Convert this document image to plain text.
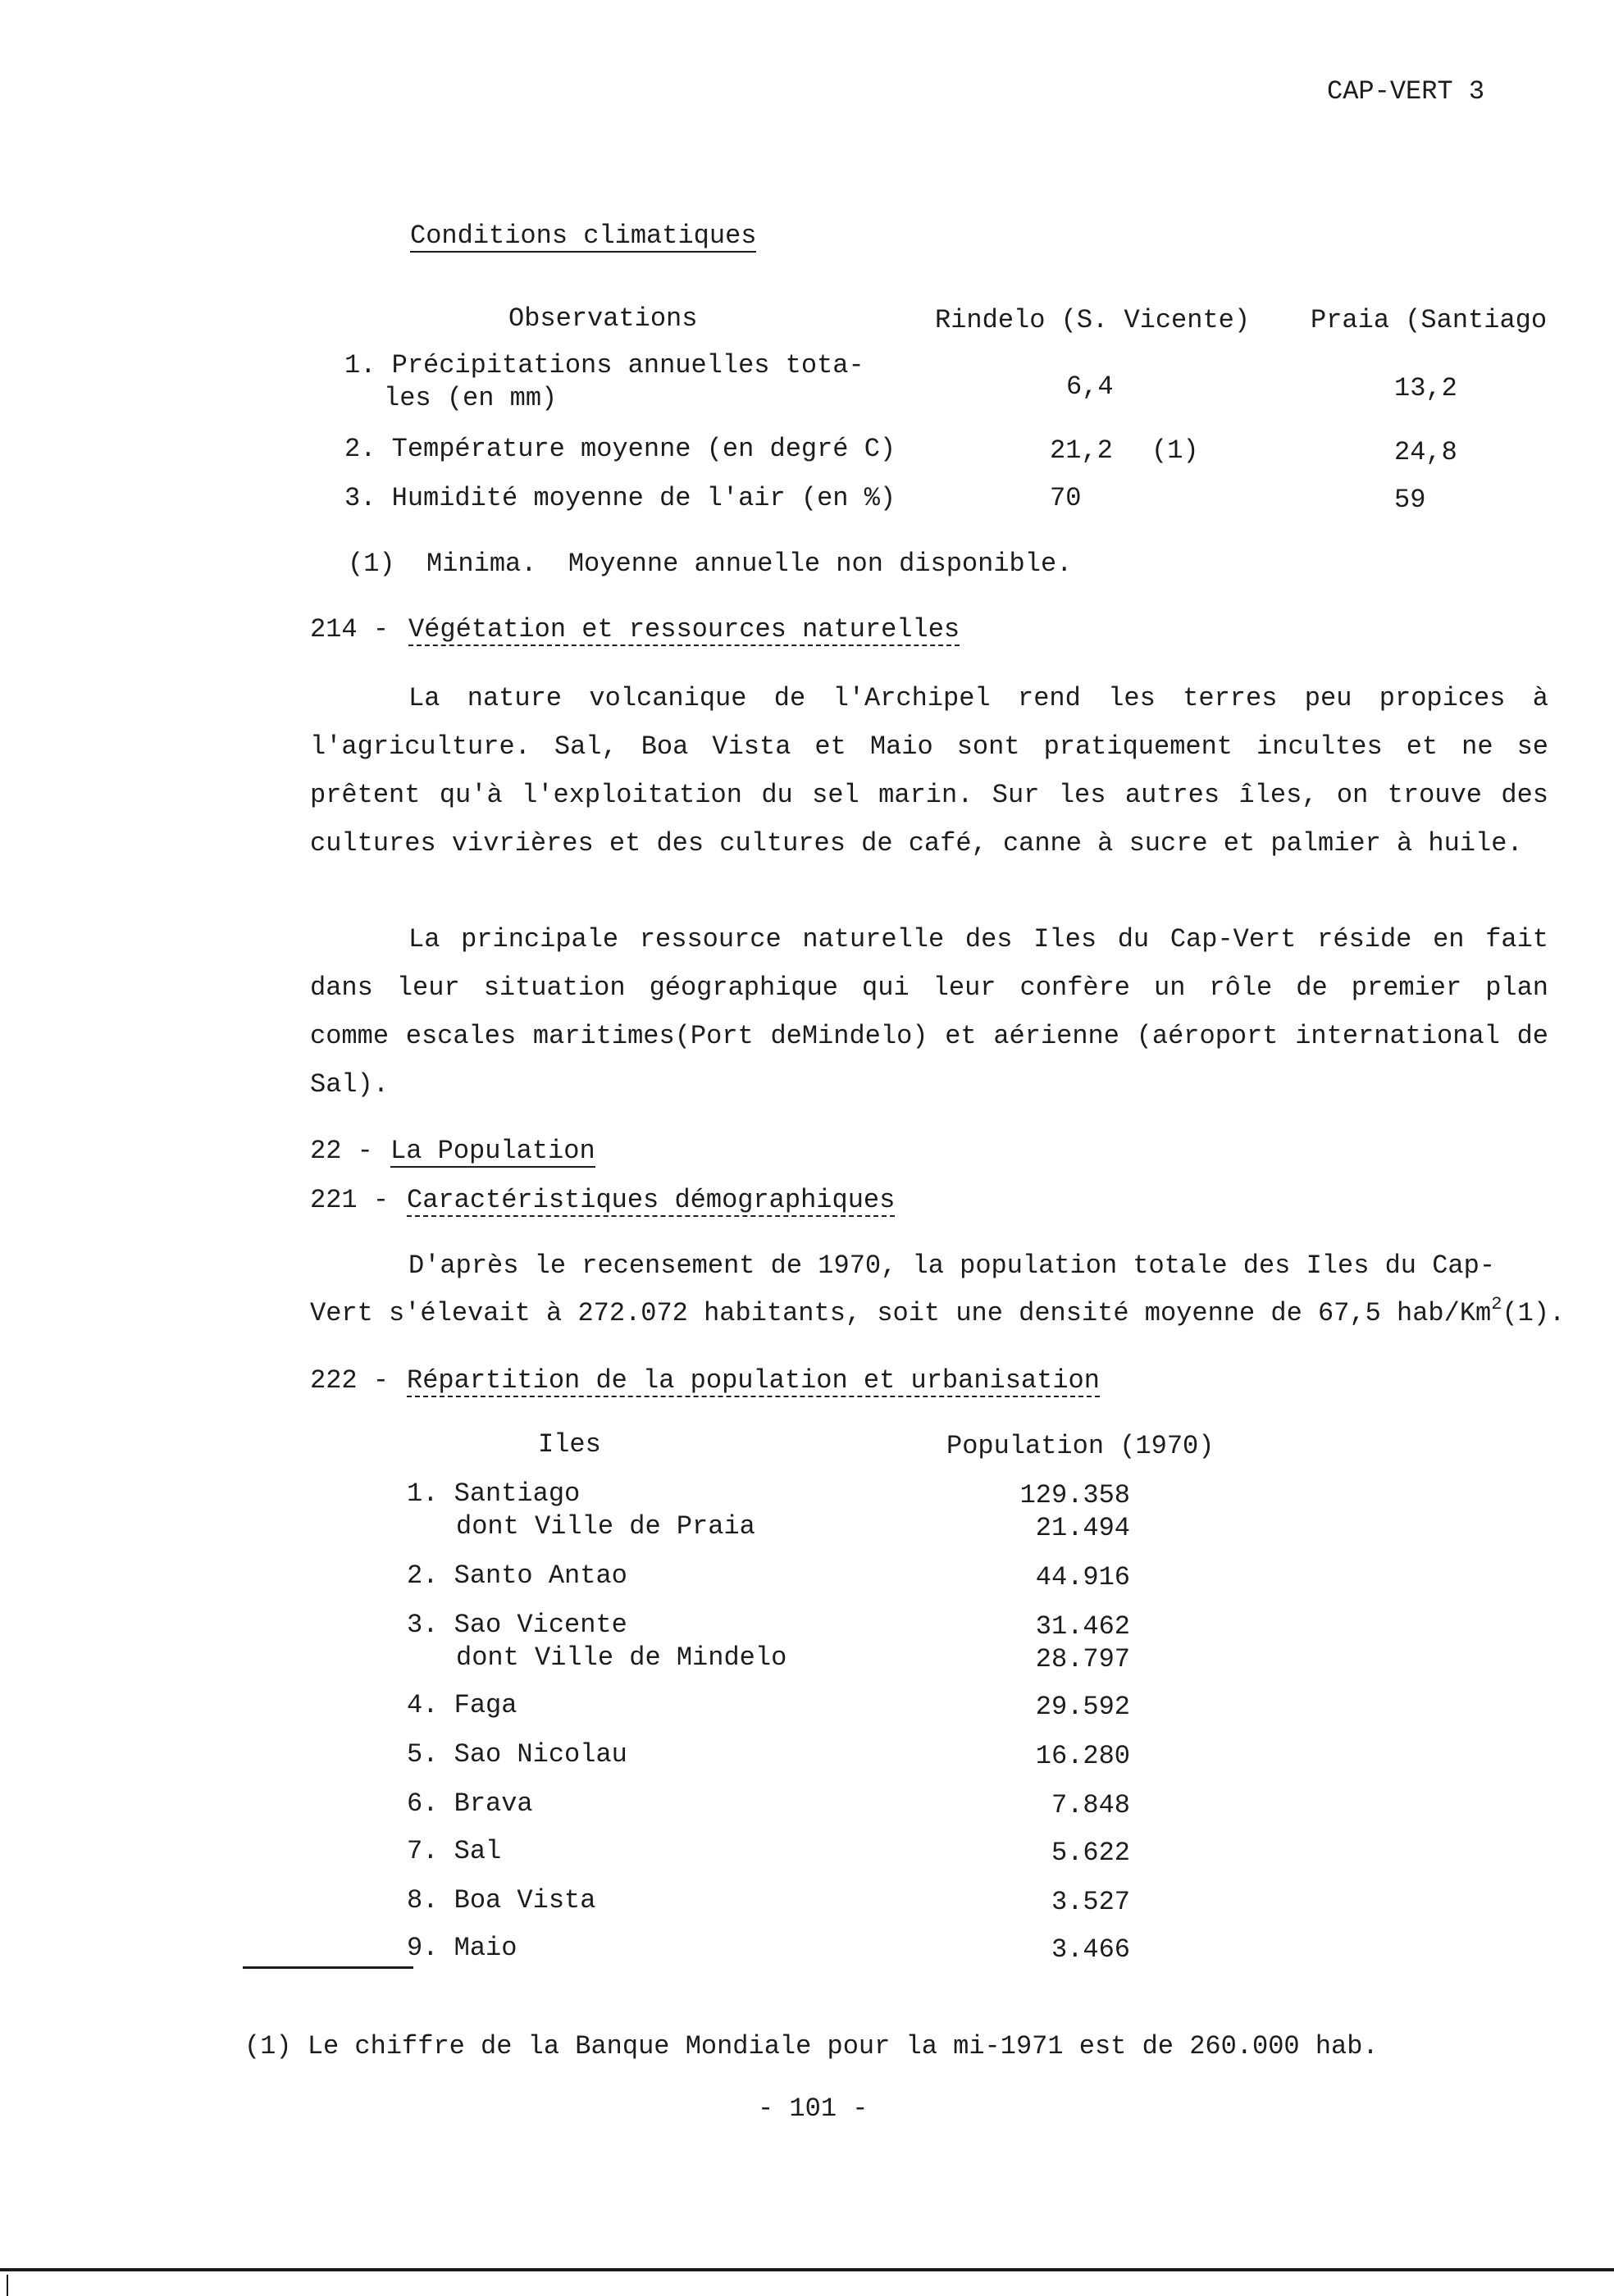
CAP-VERT 3
Conditions climatiques
Observations	Rindelo (S. Vicente) Praia (Santiago
1. Précipitations annuelles tota-
les (en mm)	6,4	13,2
2. Température moyenne (en degré C)	21,2 (1)	24,8
3. Humidité moyenne de l'air (en %)	70	59
(1)  Minima.  Moyenne annuelle non disponible.
214 - Végétation et ressources naturelles
La nature volcanique de l'Archipel rend les terres peu propices à l'agriculture. Sal, Boa Vista et Maio sont pratiquement incultes et ne se prêtent qu'à l'exploitation du sel marin. Sur les autres îles, on trouve des cultures vivrières et des cultures de café, canne à sucre et palmier à huile.
La principale ressource naturelle des Iles du Cap-Vert réside en fait dans leur situation géographique qui leur confère un rôle de premier plan comme escales maritimes(Port deMindelo) et aérienne (aéroport international de Sal).
22 - La Population
221 - Caractéristiques démographiques
D'après le recensement de 1970, la population totale des Iles du Cap-
Vert s'élevait à 272.072 habitants, soit une densité moyenne de 67,5 hab/Km$^2$(1).
222 - Répartition de la population et urbanisation
Iles	Population (1970)
1. Santiago	129.358
dont Ville de Praia	21.494
2. Santo Antao	44.916
3. Sao Vicente	31.462
dont Ville de Mindelo	28.797
4. Faga	29.592
5. Sao Nicolau	16.280
6. Brava	7.848
7. Sal	5.622
8. Boa Vista	3.527
9. Maio	3.466
(1) Le chiffre de la Banque Mondiale pour la mi-1971 est de 260.000 hab.
- 101 -
